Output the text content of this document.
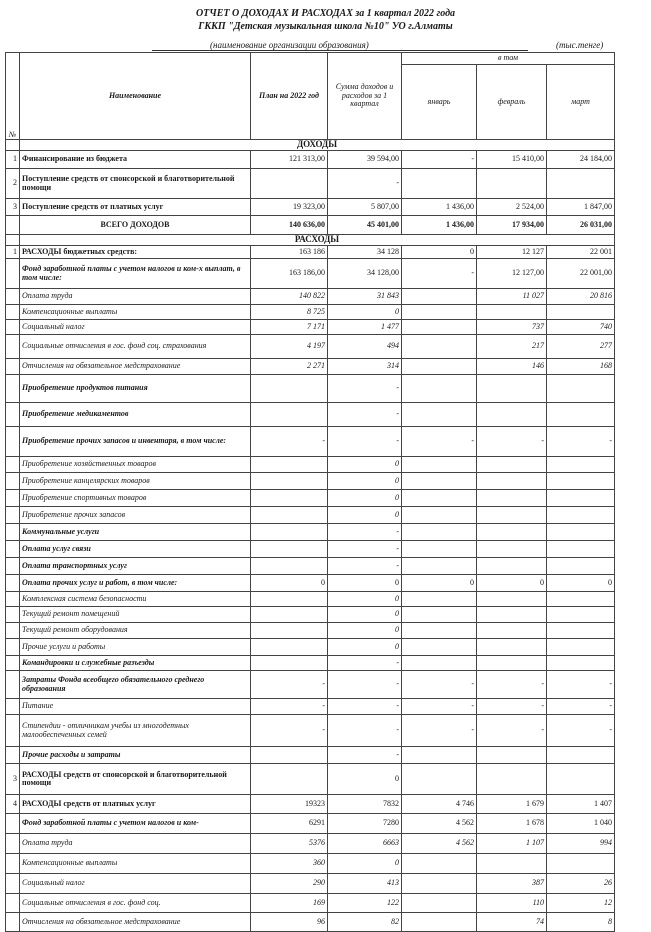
ОТЧЕТ О ДОХОДАХ И РАСХОДАХ за 1 квартал 2022 года
ГККП "Детская музыкальная школа №10" УО г.Алматы
(наименование организации образования)	(тыс.тенге)
№	Наименование	План на 2022 год	Сумма доходов и расходов за 1 квартал	в том		
				январь	февраль	март
	ДОХОДЫ					
1	Финансирование из бюджета	121 313,00	39 594,00	-	15 410,00	24 184,00
2	Поступление средств от спонсорской и благотворительной помощи		-			
3	Поступление средств от платных услуг	19 323,00	5 807,00	1 436,00	2 524,00	1 847,00
	ВСЕГО ДОХОДОВ	140 636,00	45 401,00	1 436,00	17 934,00	26 031,00
	РАСХОДЫ					
1	РАСХОДЫ бюджетных средств:	163 186	34 128	0	12 127	22 001
	Фонд заработной платы с учетом налогов и ком-х выплат, в том числе:	163 186,00	34 128,00	-	12 127,00	22 001,00
	Оплата труда	140 822	31 843		11 027	20 816
	Компенсационные выплаты	8 725	0			
	Социальный налог	7 171	1 477		737	740
	Социальные отчисления в гос. фонд соц. страхования	4 197	494		217	277
	Отчисления на обязательное медстрахование	2 271	314		146	168
	Приобретение продуктов питания		-			
	Приобретение медикаментов		-			
	Приобретение прочих запасов и инвентаря, в том числе:	-	-	-	-	-
	Приобретение хозяйственных товаров		0			
	Приобретение канцелярских товаров		0			
	Приобретение спортивных товаров		0			
	Приобретение прочих запасов		0			
	Коммунальные услуги		-			
	Оплата услуг связи		-			
	Оплата транспортных услуг		-			
	Оплата прочих услуг и работ, в том числе:	0	0	0	0	0
	Комплексная система безопасности		0			
	Текущий ремонт помещений		0			
	Текущий ремонт оборудования		0			
	Прочие услуги и работы		0			
	Командировки и служебные разъезды		-			
	Затраты Фонда всеобщего обязательного среднего образования	-	-	-	-	-
	Питание	-	-	-	-	-
	Стипендии - отличникам учебы из многодетных малообеспеченных семей	-	-	-	-	-
	Прочие расходы и затраты		-			
3	РАСХОДЫ средств от спонсорской и благотворительной помощи		0			
4	РАСХОДЫ средств от платных услуг	19323	7832	4 746	1 679	1 407
	Фонд заработной платы с учетом налогов и ком-	6291	7280	4 562	1 678	1 040
	Оплата труда	5376	6663	4 562	1 107	994
	Компенсационные выплаты	360	0			
	Социальный налог	290	413		387	26
	Социальные отчисления в гос. фонд соц.	169	122		110	12
	Отчисления на обязательное медстрахование	96	82		74	8
